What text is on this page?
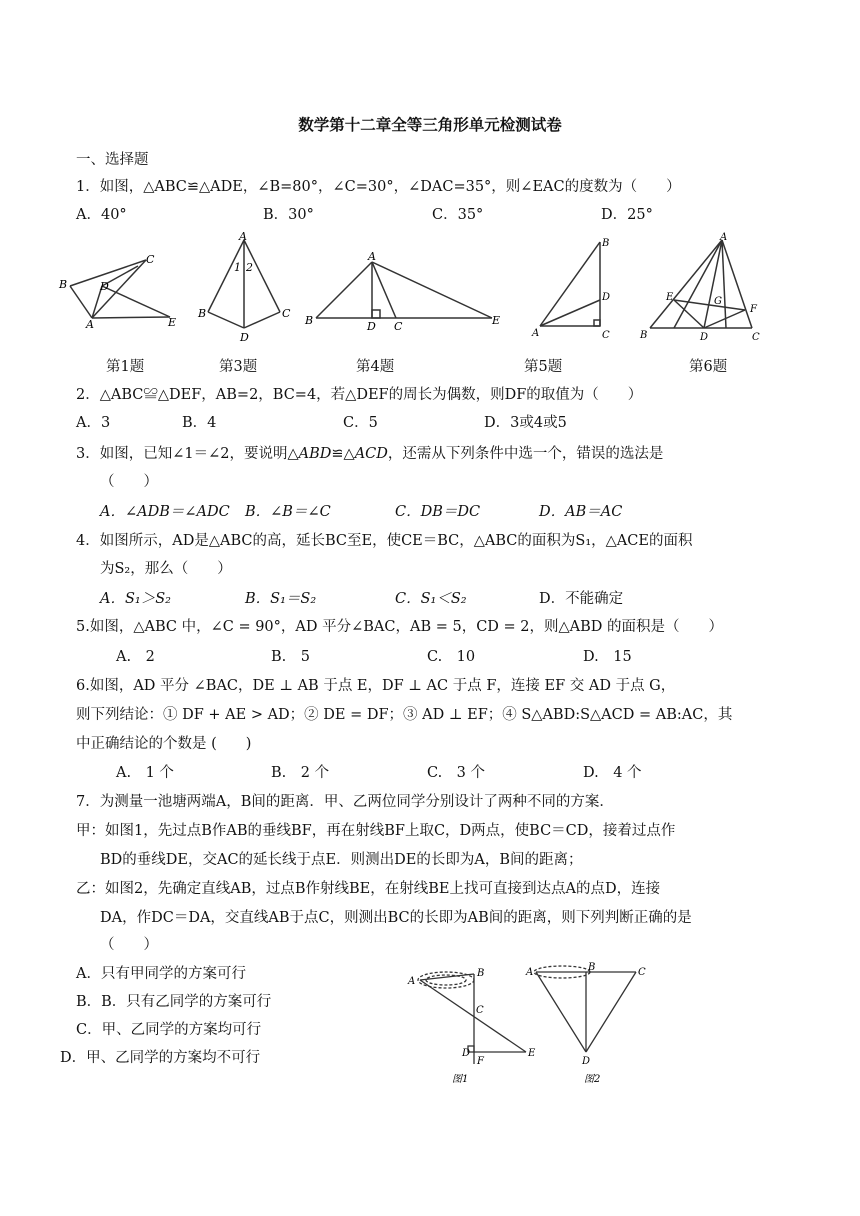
数学第十二章全等三角形单元检测试卷
一、选择题
1．如图，△ABC≌△ADE，∠B=80°，∠C=30°，∠DAC=35°，则∠EAC的度数为（　　）
A．40°	B．30°	C．35°	D．25°
B
C
D
A	E
A
1 2
B	C
D
A
B	D C	E
B
D
A	C
A
E	G
F
B	D	C
第1题	第3题	第4题	第5题	第6题
2．△ABC≌△DEF，AB=2，BC=4，若△DEF的周长为偶数，则DF的取值为（　　）
A．3	B．4	C．5	D．3或4或5
3．如图，已知∠1＝∠2，要说明△ABD≌△ACD，还需从下列条件中选一个，错误的选法是
（　　）
A．∠ADB＝∠ADC B．∠B＝∠C	C．DB＝DC	D．AB＝AC
4．如图所示，AD是△ABC的高，延长BC至E，使CE＝BC，△ABC的面积为S₁，△ACE的面积
为S₂，那么（　　）
A．S₁＞S₂	B．S₁＝S₂	C．S₁＜S₂	D．不能确定
5.如图，△ABC 中，∠C = 90°，AD 平分∠BAC，AB = 5，CD = 2，则△ABD 的面积是（　　）
A.　2	B.　5	C.　10	D.　15
6.如图，AD 平分 ∠BAC，DE ⊥ AB 于点 E，DF ⊥ AC 于点 F，连接 EF 交 AD 于点 G，
则下列结论：① DF + AE > AD；② DE = DF；③ AD ⊥ EF；④ S△ABD:S△ACD = AB:AC，其
中正确结论的个数是 (　　)
A.　1 个	B.　2 个	C.　3 个	D.　4 个
7．为测量一池塘两端A，B间的距离．甲、乙两位同学分别设计了两种不同的方案．
甲：如图1，先过点B作AB的垂线BF，再在射线BF上取C，D两点，使BC＝CD，接着过点作
BD的垂线DE，交AC的延长线于点E．则测出DE的长即为A，B间的距离；
乙：如图2，先确定直线AB，过点B作射线BE，在射线BE上找可直接到达点A的点D，连接
DA，作DC＝DA，交直线AB于点C，则测出BC的长即为AB间的距离，则下列判断正确的是
（　　）
A．只有甲同学的方案可行
B．B．只有乙同学的方案可行
C．甲、乙同学的方案均可行
D．甲、乙同学的方案均不可行
A
B
C
D
F
E
图1
A	B	C
D
图2
